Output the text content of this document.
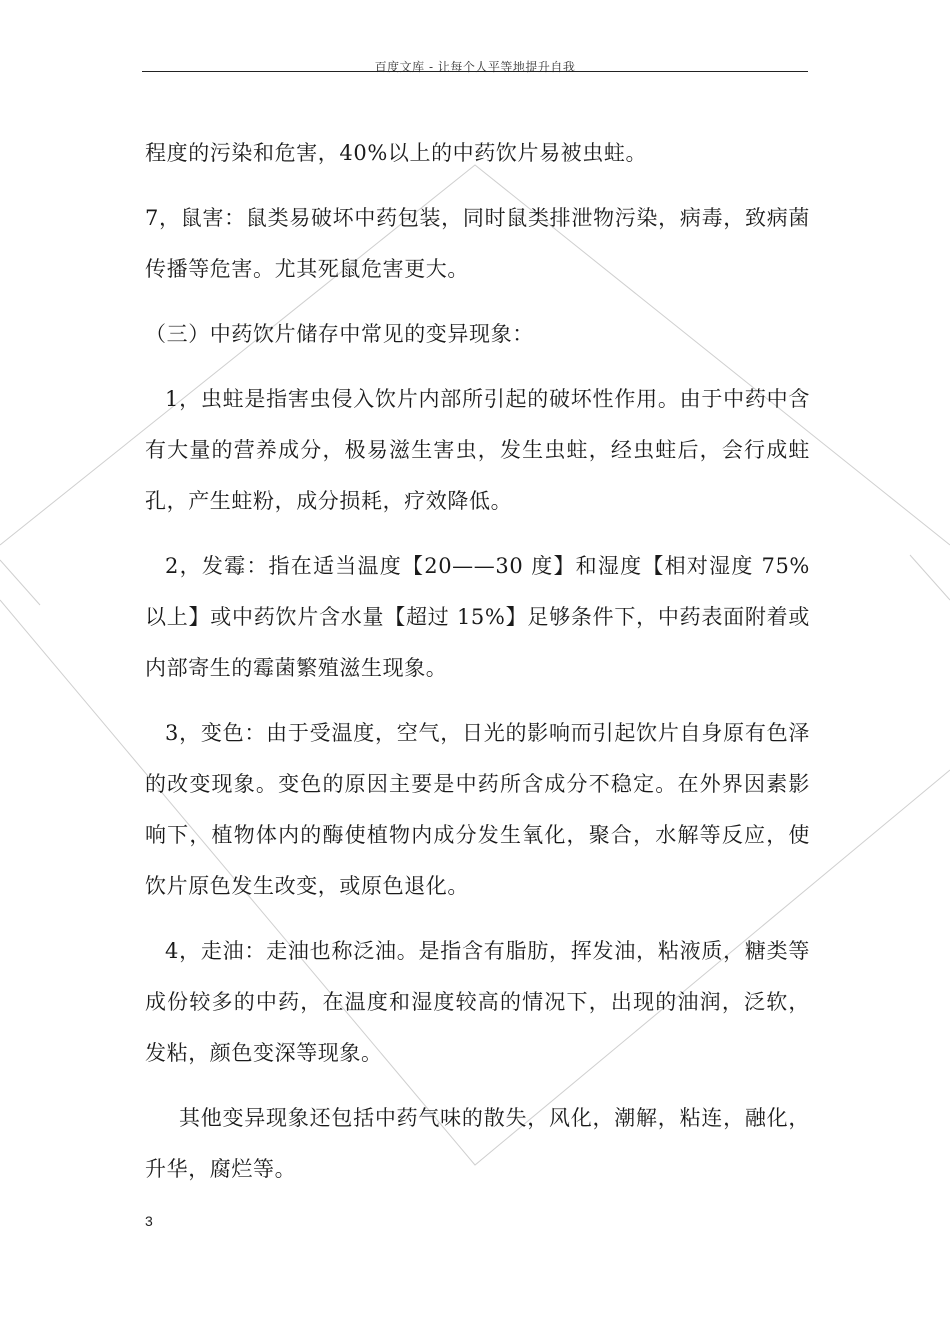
百度文库 - 让每个人平等地提升自我

程度的污染和危害，40%以上的中药饮片易被虫蛀。

7，鼠害：鼠类易破坏中药包装，同时鼠类排泄物污染，病毒，致病菌传播等危害。尤其死鼠危害更大。

（三）中药饮片储存中常见的变异现象：

1，虫蛀是指害虫侵入饮片内部所引起的破坏性作用。由于中药中含有大量的营养成分，极易滋生害虫，发生虫蛀，经虫蛀后，会行成蛀孔，产生蛀粉，成分损耗，疗效降低。

2，发霉：指在适当温度【20——30 度】和湿度【相对湿度 75%以上】或中药饮片含水量【超过 15%】足够条件下，中药表面附着或内部寄生的霉菌繁殖滋生现象。

3，变色：由于受温度，空气，日光的影响而引起饮片自身原有色泽的改变现象。变色的原因主要是中药所含成分不稳定。在外界因素影响下，植物体内的酶使植物内成分发生氧化，聚合，水解等反应，使饮片原色发生改变，或原色退化。

4，走油：走油也称泛油。是指含有脂肪，挥发油，粘液质，糖类等成份较多的中药，在温度和湿度较高的情况下，出现的油润，泛软，发粘，颜色变深等现象。

其他变异现象还包括中药气味的散失，风化，潮解，粘连，融化，升华，腐烂等。

3
